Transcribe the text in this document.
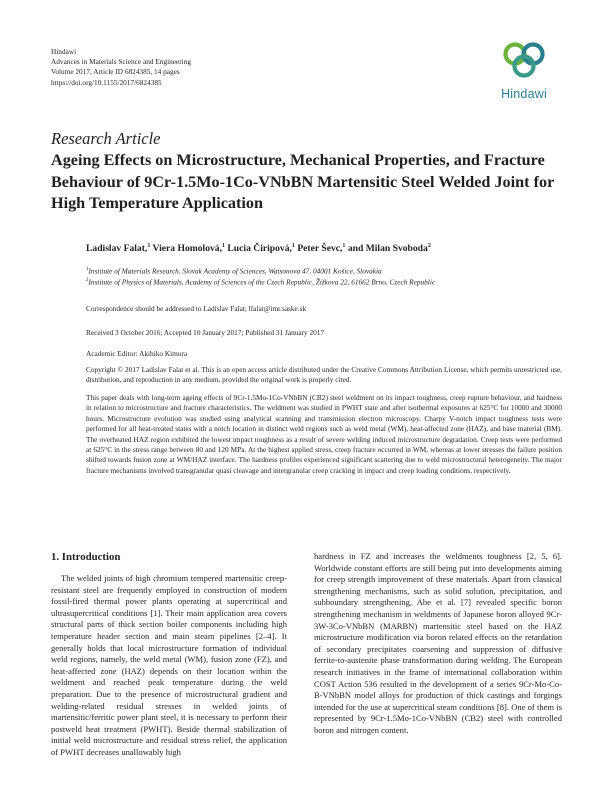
Hindawi
Advances in Materials Science and Engineering
Volume 2017, Article ID 6824385, 14 pages
https://doi.org/10.1155/2017/6824385
Hindawi
Research Article
Ageing Effects on Microstructure, Mechanical Properties, and Fracture Behaviour of 9Cr-1.5Mo-1Co-VNbBN Martensitic Steel Welded Joint for High Temperature Application
Ladislav Falat,$^1$ Viera Homolová,$^1$ Lucia Čiripová,$^1$ Peter Ševc,$^1$ and Milan Svoboda$^2$
$^1$Institute of Materials Research, Slovak Academy of Sciences, Watsonova 47, 04001 Košice, Slovakia
$^2$Institute of Physics of Materials, Academy of Sciences of the Czech Republic, Žižkova 22, 61662 Brno, Czech Republic
Correspondence should be addressed to Ladislav Falat; lfalat@imr.saske.sk
Received 3 October 2016; Accepted 10 January 2017; Published 31 January 2017
Academic Editor: Akihiko Kimura
Copyright © 2017 Ladislav Falat et al. This is an open access article distributed under the Creative Commons Attribution License, which permits unrestricted use, distribution, and reproduction in any medium, provided the original work is properly cited.
This paper deals with long-term ageing effects of 9Cr-1.5Mo-1Co-VNbBN (CB2) steel weldment on its impact toughness, creep rupture behaviour, and hardness in relation to microstructure and fracture characteristics. The weldment was studied in PWHT state and after isothermal exposures at 625°C for 10000 and 30000 hours. Microstructure evolution was studied using analytical scanning and transmission electron microscopy. Charpy V-notch impact toughness tests were performed for all heat-treated states with a notch location in distinct weld regions such as weld metal (WM), heat-affected zone (HAZ), and base material (BM). The overheated HAZ region exhibited the lowest impact toughness as a result of severe welding induced microstructure degradation. Creep tests were performed at 625°C in the stress range between 80 and 120 MPa. At the highest applied stress, creep fracture occurred in WM, whereas at lower stresses the failure position shifted towards fusion zone at WM/HAZ interface. The hardness profiles experienced significant scattering due to weld microstructural heterogeneity. The major fracture mechanisms involved transgranular quasi cleavage and intergranular creep cracking in impact and creep loading conditions, respectively.
1. Introduction
The welded joints of high chromium tempered martensitic creep-resistant steel are frequently employed in construction of modern fossil-fired thermal power plants operating at supercritical and ultrasupercritical conditions [1]. Their main application area covers structural parts of thick section boiler components including high temperature header section and main steam pipelines [2–4]. It generally holds that local microstructure formation of individual weld regions, namely, the weld metal (WM), fusion zone (FZ), and heat-affected zone (HAZ) depends on their location within the weldment and reached peak temperature during the weld preparation. Due to the presence of microstructural gradient and welding-related residual stresses in welded joints of martensitic/ferritic power plant steel, it is necessary to perform their postweld heat treatment (PWHT). Beside thermal stabilization of initial weld microstructure and residual stress relief, the application of PWHT decreases unallowably high
hardness in FZ and increases the weldments toughness [2, 5, 6]. Worldwide constant efforts are still being put into developments aiming for creep strength improvement of these materials. Apart from classical strengthening mechanisms, such as solid solution, precipitation, and subboundary strengthening, Abe et al. [7] revealed specific boron strengthening mechanism in weldments of Japanese boron alloyed 9Cr-3W-3Co-VNbBN (MARBN) martensitic steel based on the HAZ microstructure modification via boron related effects on the retardation of secondary precipitates coarsening and suppression of diffusive ferrite-to-austenite phase transformation during welding. The European research initiatives in the frame of international collaboration within COST Action 536 resulted in the development of a series 9Cr-Mo-Co-B-VNbBN model alloys for production of thick castings and forgings intended for the use at supercritical steam conditions [8]. One of them is represented by 9Cr-1.5Mo-1Co-VNbBN (CB2) steel with controlled boron and nitrogen content.
